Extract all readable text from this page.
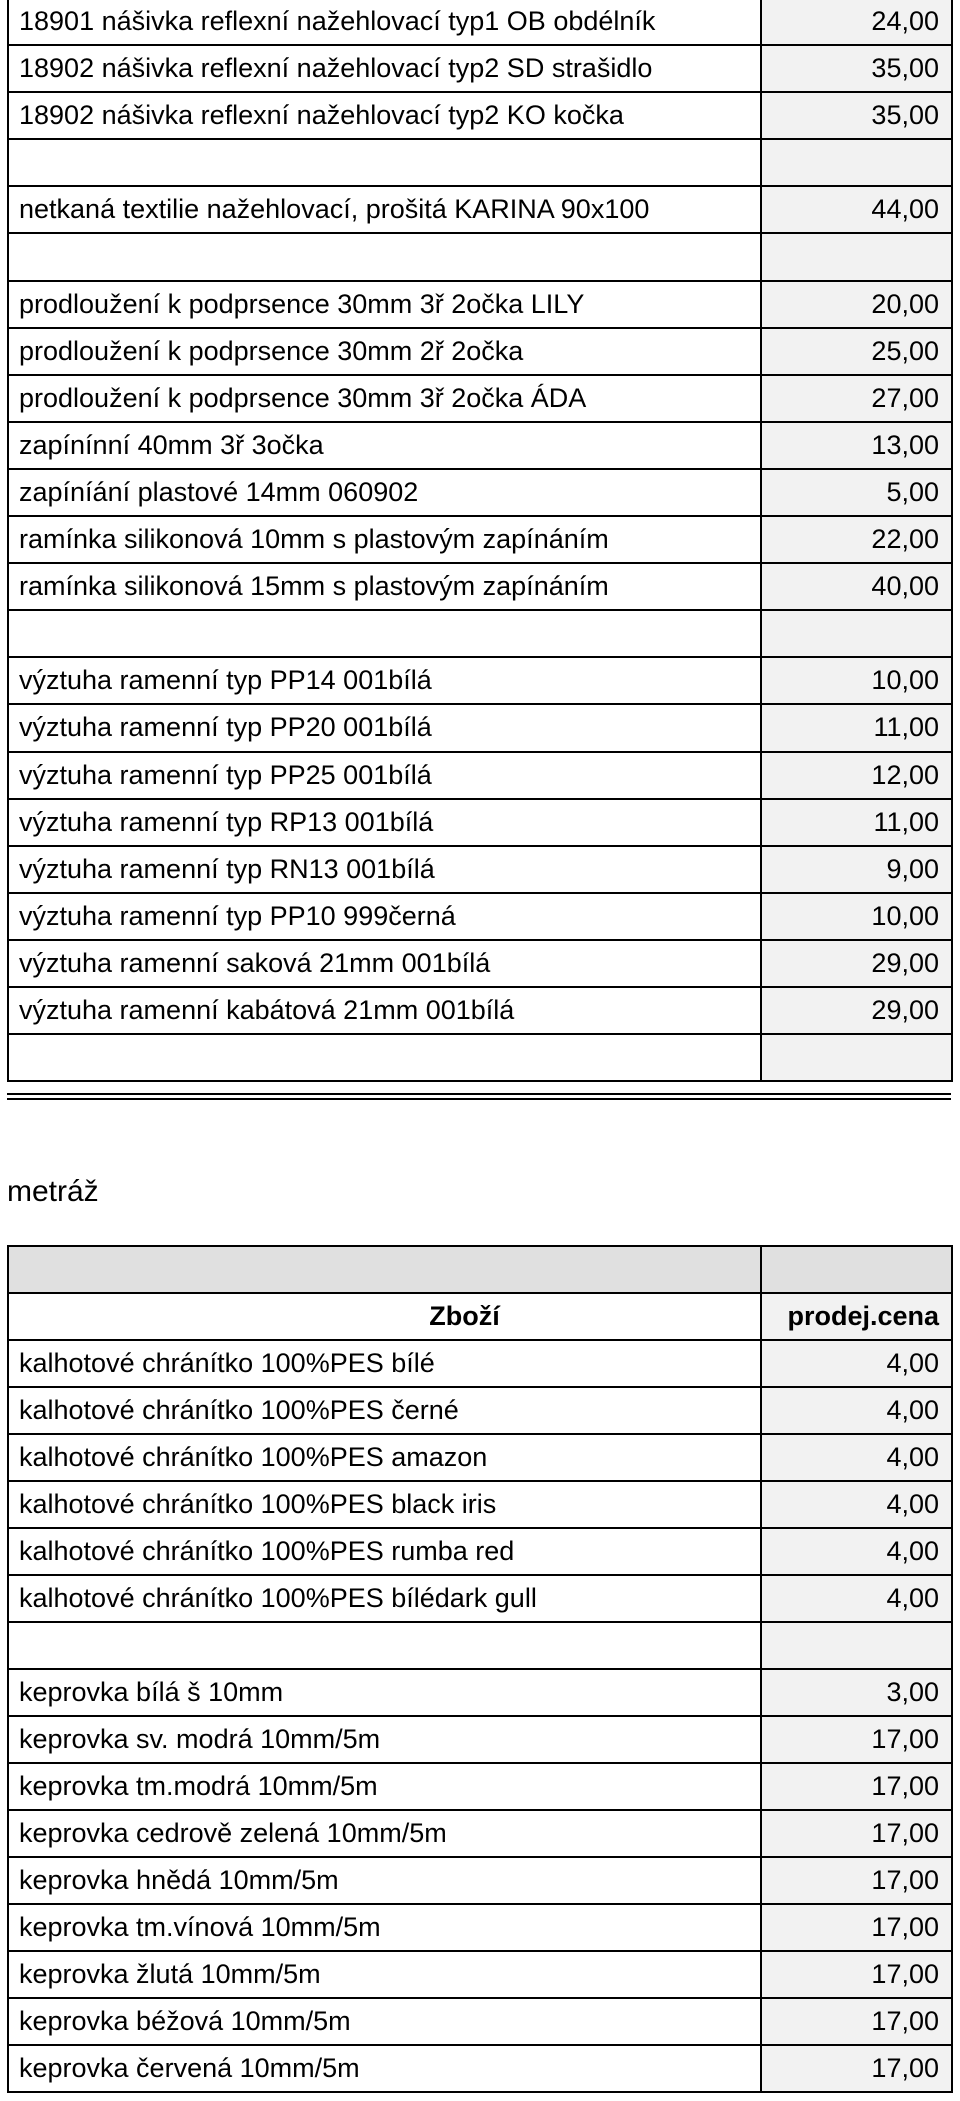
18901 nášivka reflexní nažehlovací typ1 OB obdélník	24,00
18902 nášivka reflexní nažehlovací typ2 SD strašidlo	35,00
18902 nášivka reflexní nažehlovací typ2 KO kočka	35,00

netkaná textilie nažehlovací, prošitá KARINA 90x100	44,00

prodloužení k podprsence 30mm 3ř 2očka LILY	20,00
prodloužení k podprsence 30mm 2ř 2očka	25,00
prodloužení k podprsence 30mm 3ř 2očka ÁDA	27,00
zapínínní 40mm 3ř 3očka	13,00
zapíníání plastové 14mm 060902	5,00
ramínka silikonová 10mm s plastovým zapínáním	22,00
ramínka silikonová 15mm s plastovým zapínáním	40,00

výztuha ramenní typ PP14 001bílá	10,00
výztuha ramenní typ PP20 001bílá	11,00
výztuha ramenní typ PP25 001bílá	12,00
výztuha ramenní typ RP13 001bílá	11,00
výztuha ramenní typ RN13 001bílá	9,00
výztuha ramenní typ PP10 999černá	10,00
výztuha ramenní saková 21mm 001bílá	29,00
výztuha ramenní kabátová 21mm 001bílá	29,00

metráž

Zboží	prodej.cena
kalhotové chránítko 100%PES bílé	4,00
kalhotové chránítko 100%PES černé	4,00
kalhotové chránítko 100%PES amazon	4,00
kalhotové chránítko 100%PES black iris	4,00
kalhotové chránítko 100%PES rumba red	4,00
kalhotové chránítko 100%PES bílédark gull	4,00

keprovka bílá š 10mm	3,00
keprovka sv. modrá 10mm/5m	17,00
keprovka tm.modrá 10mm/5m	17,00
keprovka cedrově zelená 10mm/5m	17,00
keprovka hnědá 10mm/5m	17,00
keprovka tm.vínová 10mm/5m	17,00
keprovka žlutá 10mm/5m	17,00
keprovka béžová 10mm/5m	17,00
keprovka červená 10mm/5m	17,00
